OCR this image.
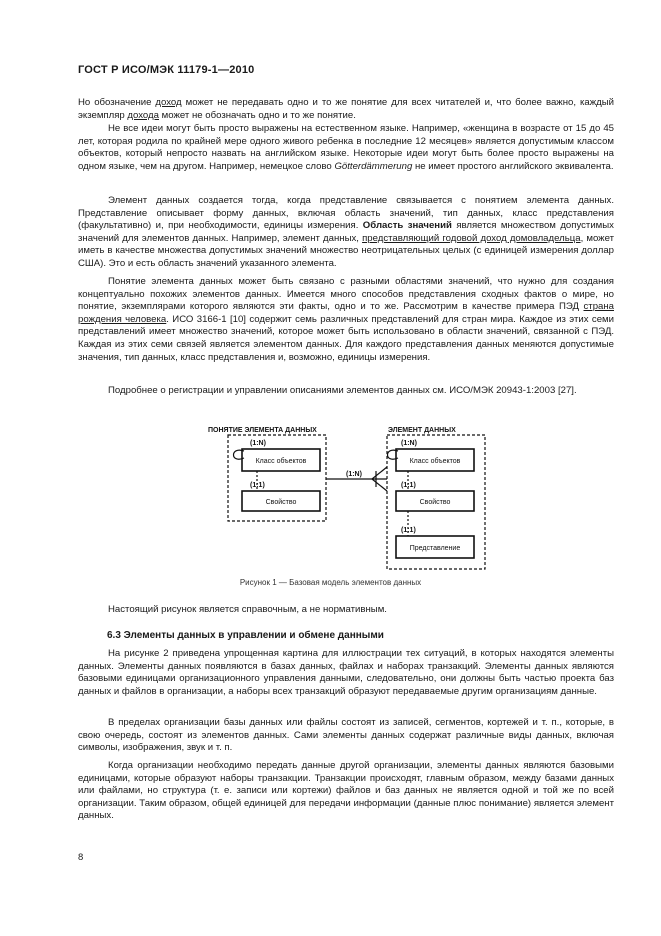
ГОСТ Р ИСО/МЭК 11179-1—2010

Но обозначение доход может не передавать одно и то же понятие для всех читателей и, что более важно, каждый экземпляр дохода может не обозначать одно и то же понятие.

Не все идеи могут быть просто выражены на естественном языке. Например, «женщина в возрасте от 15 до 45 лет, которая родила по крайней мере одного живого ребенка в последние 12 месяцев» является допустимым классом объектов, который непросто назвать на английском языке. Некоторые идеи могут быть более просто выражены на одном языке, чем на другом. Например, немецкое слово Götterdämmerung не имеет простого английского эквивалента.

Элемент данных создается тогда, когда представление связывается с понятием элемента данных. Представление описывает форму данных, включая область значений, тип данных, класс представления (факультативно) и, при необходимости, единицы измерения. Область значений является множеством допустимых значений для элементов данных. Например, элемент данных, представляющий годовой доход домовладельца, может иметь в качестве множества допустимых значений множество неотрицательных целых (с единицей измерения доллар США). Это и есть область значений указанного элемента.

Понятие элемента данных может быть связано с разными областями значений, что нужно для создания концептуально похожих элементов данных. Имеется много способов представления сходных фактов о мире, но понятие, экземплярами которого являются эти факты, одно и то же. Рассмотрим в качестве примера ПЭД страна рождения человека. ИСО 3166-1 [10] содержит семь различных представлений для стран мира. Каждое из этих семи представлений имеет множество значений, которое может быть использовано в области значений, связанной с ПЭД. Каждая из этих семи связей является элементом данных. Для каждого представления данных меняются допустимые значения, тип данных, класс представления и, возможно, единицы измерения.

Подробнее о регистрации и управлении описаниями элементов данных см. ИСО/МЭК 20943-1:2003 [27].

ПОНЯТИЕ ЭЛЕМЕНТА ДАННЫХ	ЭЛЕМЕНТ ДАННЫХ
(1:N)
(1:1)
(1:N)
(1:1)
(1:1)
(1:N)
Класс объектов
Свойство
Класс объектов
Свойство
Представление
Рисунок 1 — Базовая модель элементов данных

Настоящий рисунок является справочным, а не нормативным.

6.3 Элементы данных в управлении и обмене данными

На рисунке 2 приведена упрощенная картина для иллюстрации тех ситуаций, в которых находятся элементы данных. Элементы данных появляются в базах данных, файлах и наборах транзакций. Элементы данных являются базовыми единицами организационного управления данными, следовательно, они должны быть частью проекта баз данных и файлов в организации, а наборы всех транзакций образуют передаваемые другим организациям данные.

В пределах организации базы данных или файлы состоят из записей, сегментов, кортежей и т. п., которые, в свою очередь, состоят из элементов данных. Сами элементы данных содержат различные виды данных, включая символы, изображения, звук и т. п.

Когда организации необходимо передать данные другой организации, элементы данных являются базовыми единицами, которые образуют наборы транзакции. Транзакции происходят, главным образом, между базами данных или файлами, но структура (т. е. записи или кортежи) файлов и баз данных не является одной и той же по всей организации. Таким образом, общей единицей для передачи информации (данные плюс понимание) является элемент данных.

8
